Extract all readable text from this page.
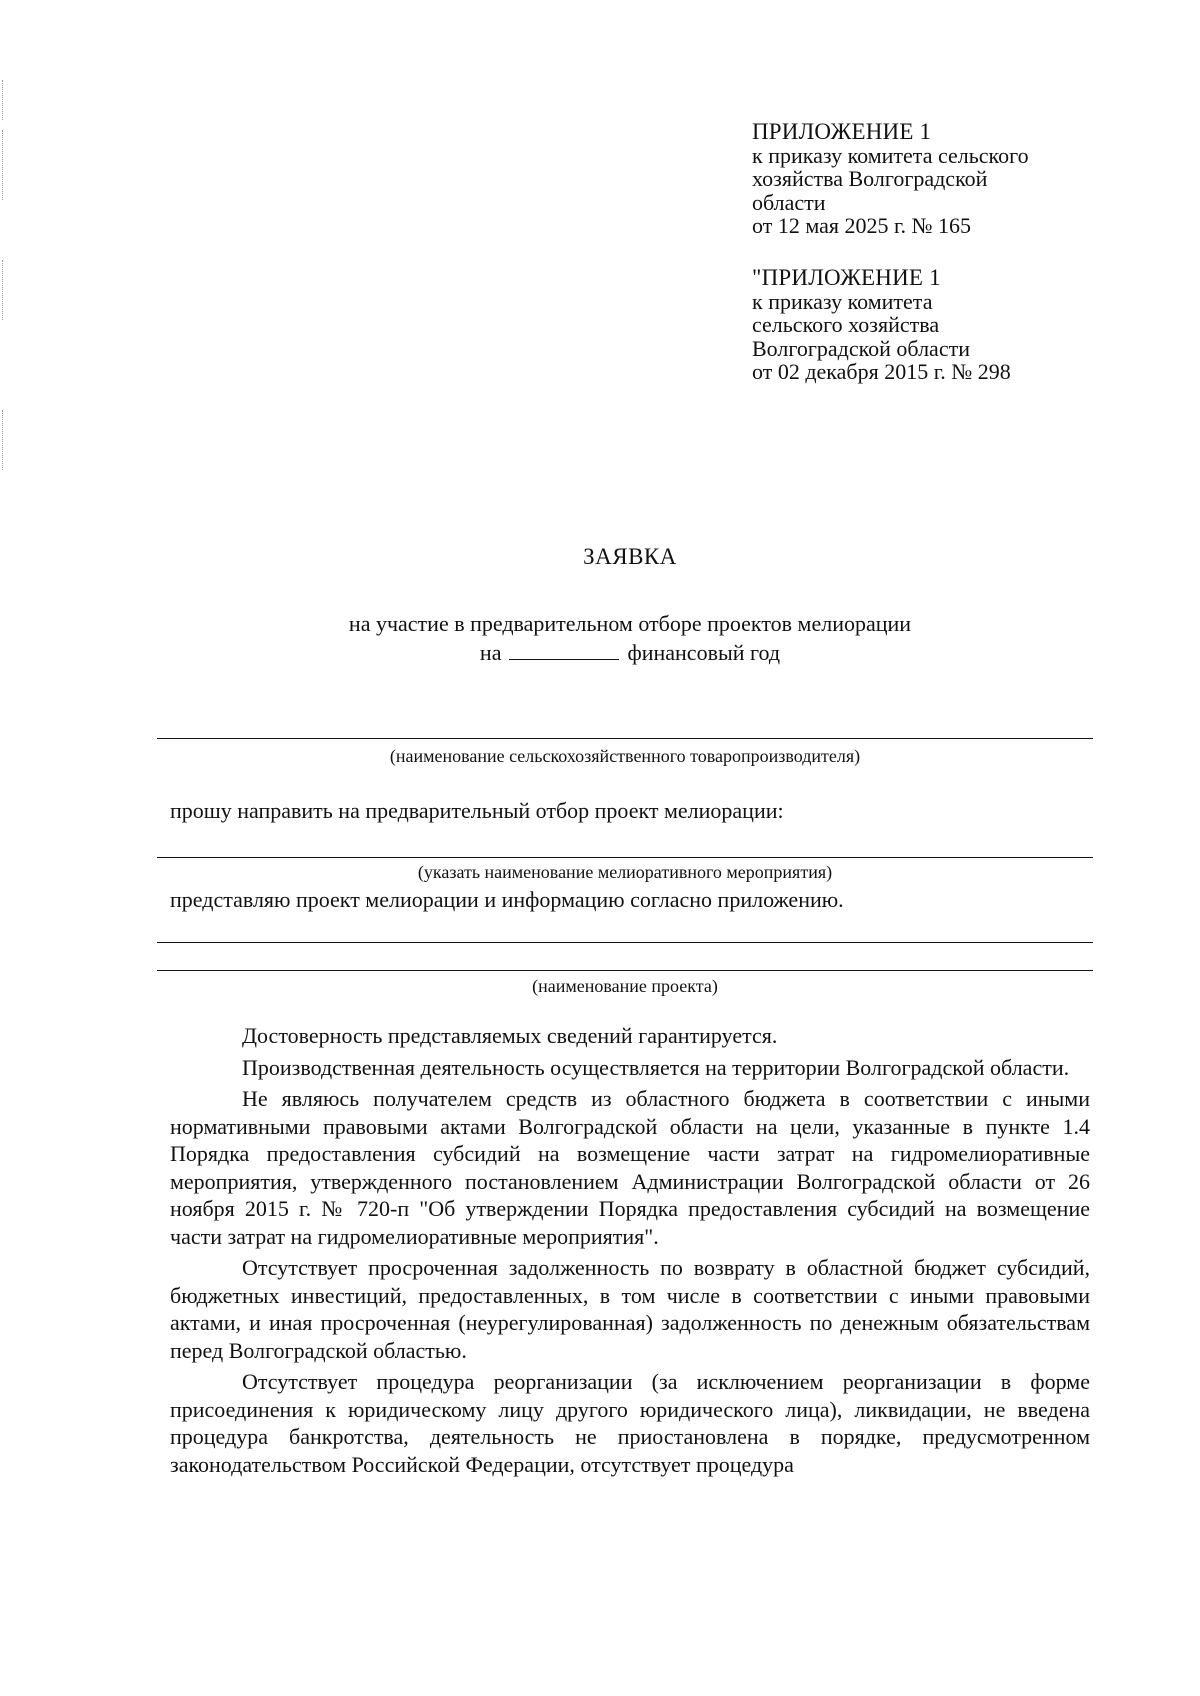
ПРИЛОЖЕНИЕ 1
к приказу комитета сельского
хозяйства Волгоградской
области
от 12 мая 2025 г. № 165
"ПРИЛОЖЕНИЕ 1
к приказу комитета
сельского хозяйства
Волгоградской области
от 02 декабря 2015 г. № 298
ЗАЯВКА
на участие в предварительном отборе проектов мелиорации
на	финансовый год
(наименование сельскохозяйственного товаропроизводителя)
прошу направить на предварительный отбор проект мелиорации:
(указать наименование мелиоративного мероприятия)
представляю проект мелиорации и информацию согласно приложению.
(наименование проекта)

Достоверность представляемых сведений гарантируется.

Производственная деятельность осуществляется на территории Волгоградской области.

Не являюсь получателем средств из областного бюджета в соответствии с иными нормативными правовыми актами Волгоградской области на цели, указанные в пункте 1.4 Порядка предоставления субсидий на возмещение части затрат на гидромелиоративные мероприятия, утвержденного постановлением Администрации Волгоградской области от 26 ноября 2015 г. № 720-п "Об утверждении Порядка предоставления субсидий на возмещение части затрат на гидромелиоративные мероприятия".

Отсутствует просроченная задолженность по возврату в областной бюджет субсидий, бюджетных инвестиций, предоставленных, в том числе в соответствии с иными правовыми актами, и иная просроченная (неурегулированная) задолженность по денежным обязательствам перед Волгоградской областью.

Отсутствует процедура реорганизации (за исключением реорганизации в форме присоединения к юридическому лицу другого юридического лица), ликвидации, не введена процедура банкротства, деятельность не приостановлена в порядке, предусмотренном законодательством Российской Федерации, отсутствует процедура
